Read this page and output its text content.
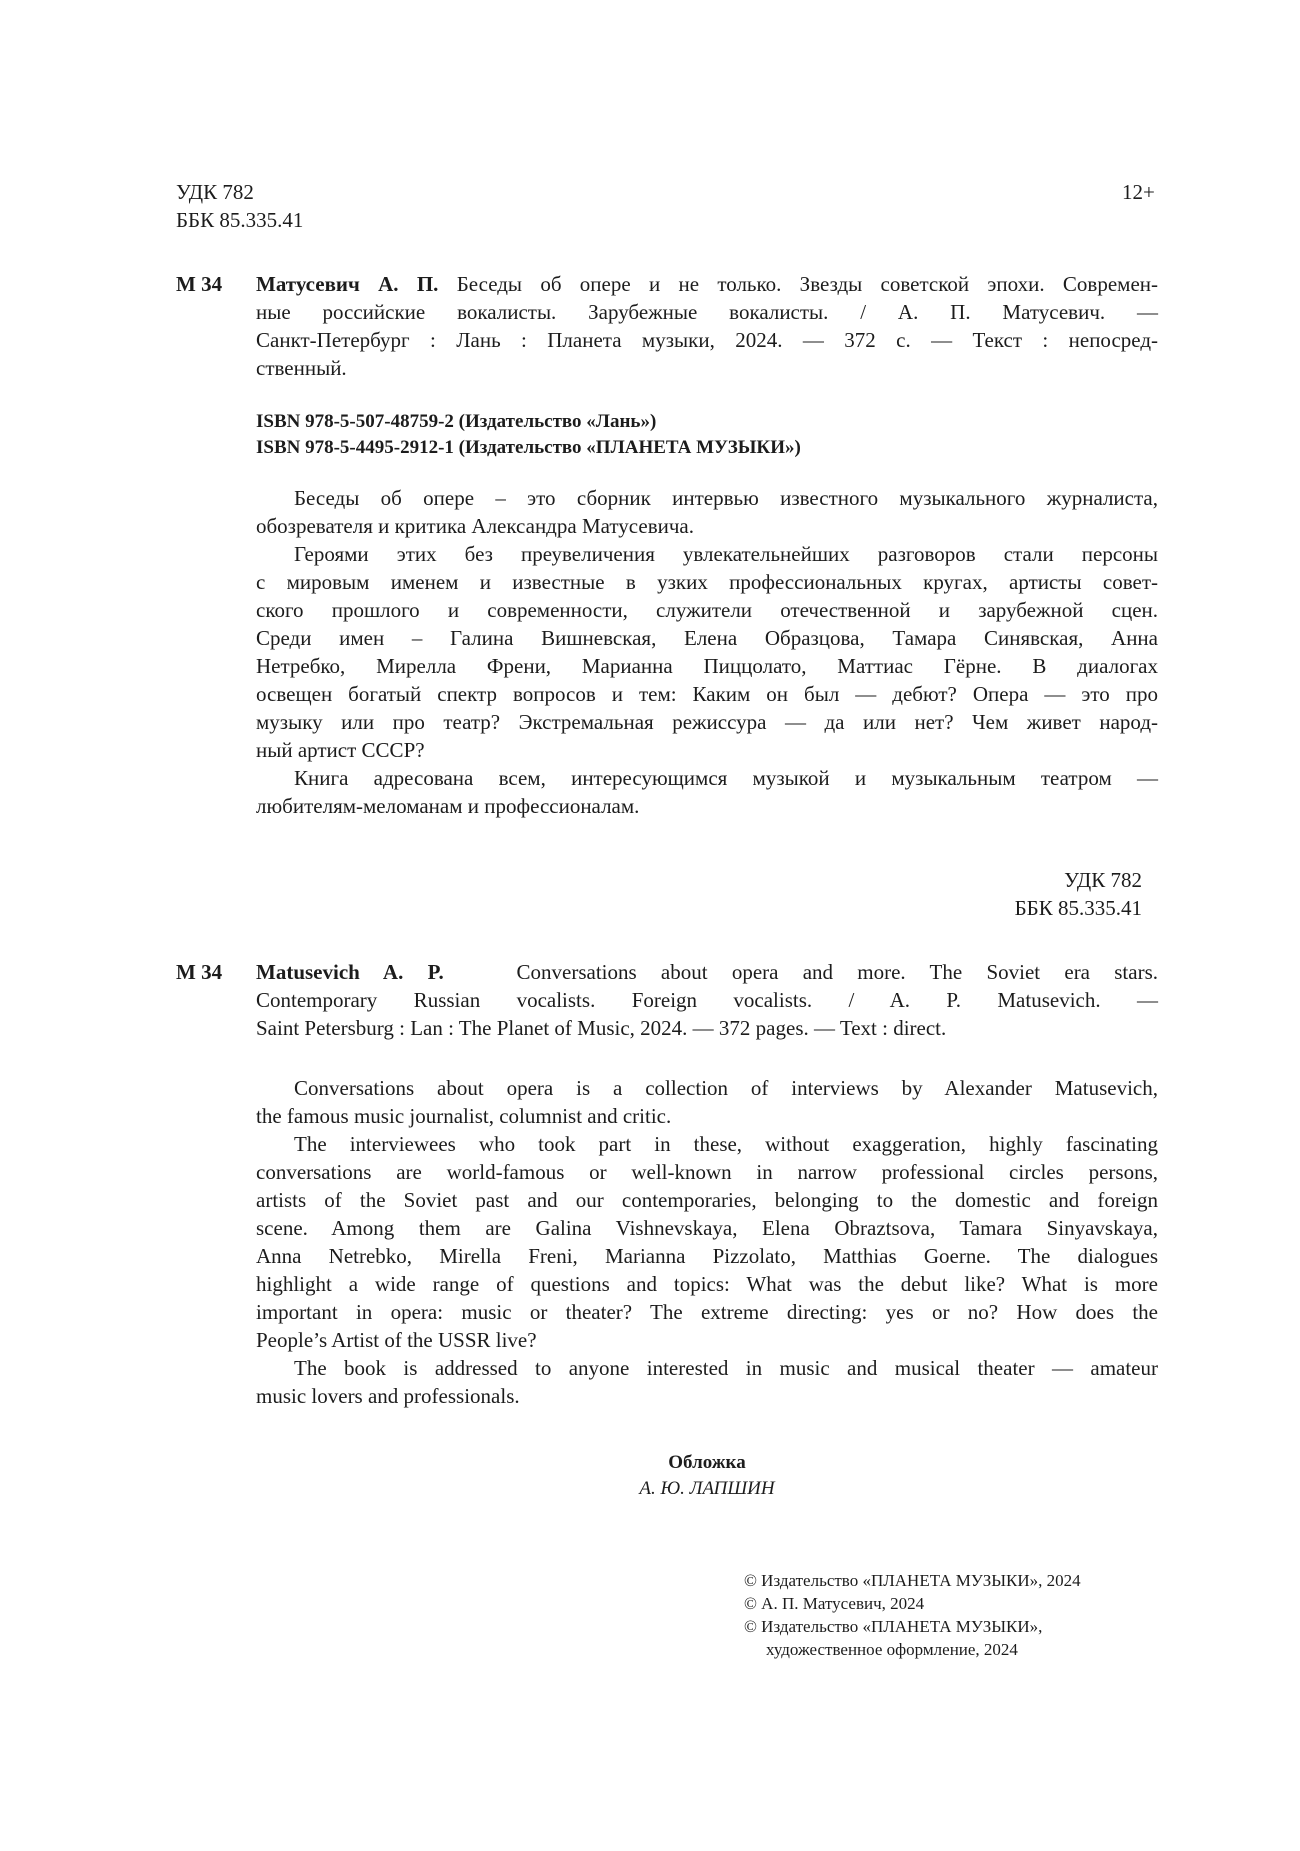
УДК 782
ББК 85.335.41
12+
М 34 Матусевич А. П. Беседы об опере и не только. Звезды советской эпохи. Современ-
ные российские вокалисты. Зарубежные вокалисты. / А. П. Матусевич. —
Санкт-Петербург : Лань : Планета музыки, 2024. — 372 с. — Текст : непосред-
ственный.
ISBN 978-5-507-48759-2 (Издательство «Лань»)
ISBN 978-5-4495-2912-1 (Издательство «ПЛАНЕТА МУЗЫКИ»)
Беседы об опере – это сборник интервью известного музыкального журналиста,
обозревателя и критика Александра Матусевича.
Героями этих без преувеличения увлекательнейших разговоров стали персоны
с мировым именем и известные в узких профессиональных кругах, артисты совет-
ского прошлого и современности, служители отечественной и зарубежной сцен.
Среди имен – Галина Вишневская, Елена Образцова, Тамара Синявская, Анна
Нетребко, Мирелла Френи, Марианна Пиццолато, Маттиас Гёрне. В диалогах
освещен богатый спектр вопросов и тем: Каким он был — дебют? Опера — это про
музыку или про театр? Экстремальная режиссура — да или нет? Чем живет народ-
ный артист СССР?
Книга адресована всем, интересующимся музыкой и музыкальным театром —
любителям-меломанам и профессионалам.
УДК 782
ББК 85.335.41
М 34 Matusevich A. P.	Conversations about opera and more. The Soviet era stars.
Contemporary Russian vocalists. Foreign vocalists. / A. P. Matusevich. —
Saint Petersburg : Lan : The Planet of Music, 2024. — 372 pages. — Text : direct.
Conversations about opera is a collection of interviews by Alexander Matusevich,
the famous music journalist, columnist and critic.
The interviewees who took part in these, without exaggeration, highly fascinating
conversations are world-famous or well-known in narrow professional circles persons,
artists of the Soviet past and our contemporaries, belonging to the domestic and foreign
scene. Among them are Galina Vishnevskaya, Elena Obraztsova, Tamara Sinyavskaya,
Anna Netrebko, Mirella Freni, Marianna Pizzolato, Matthias Goerne. The dialogues
highlight a wide range of questions and topics: What was the debut like? What is more
important in opera: music or theater? The extreme directing: yes or no? How does the
People’s Artist of the USSR live?
The book is addressed to anyone interested in music and musical theater — amateur
music lovers and professionals.
Обложка
А. Ю. ЛАПШИН
© Издательство «ПЛАНЕТА МУЗЫКИ», 2024
© А. П. Матусевич, 2024
© Издательство «ПЛАНЕТА МУЗЫКИ»,
художественное оформление, 2024
